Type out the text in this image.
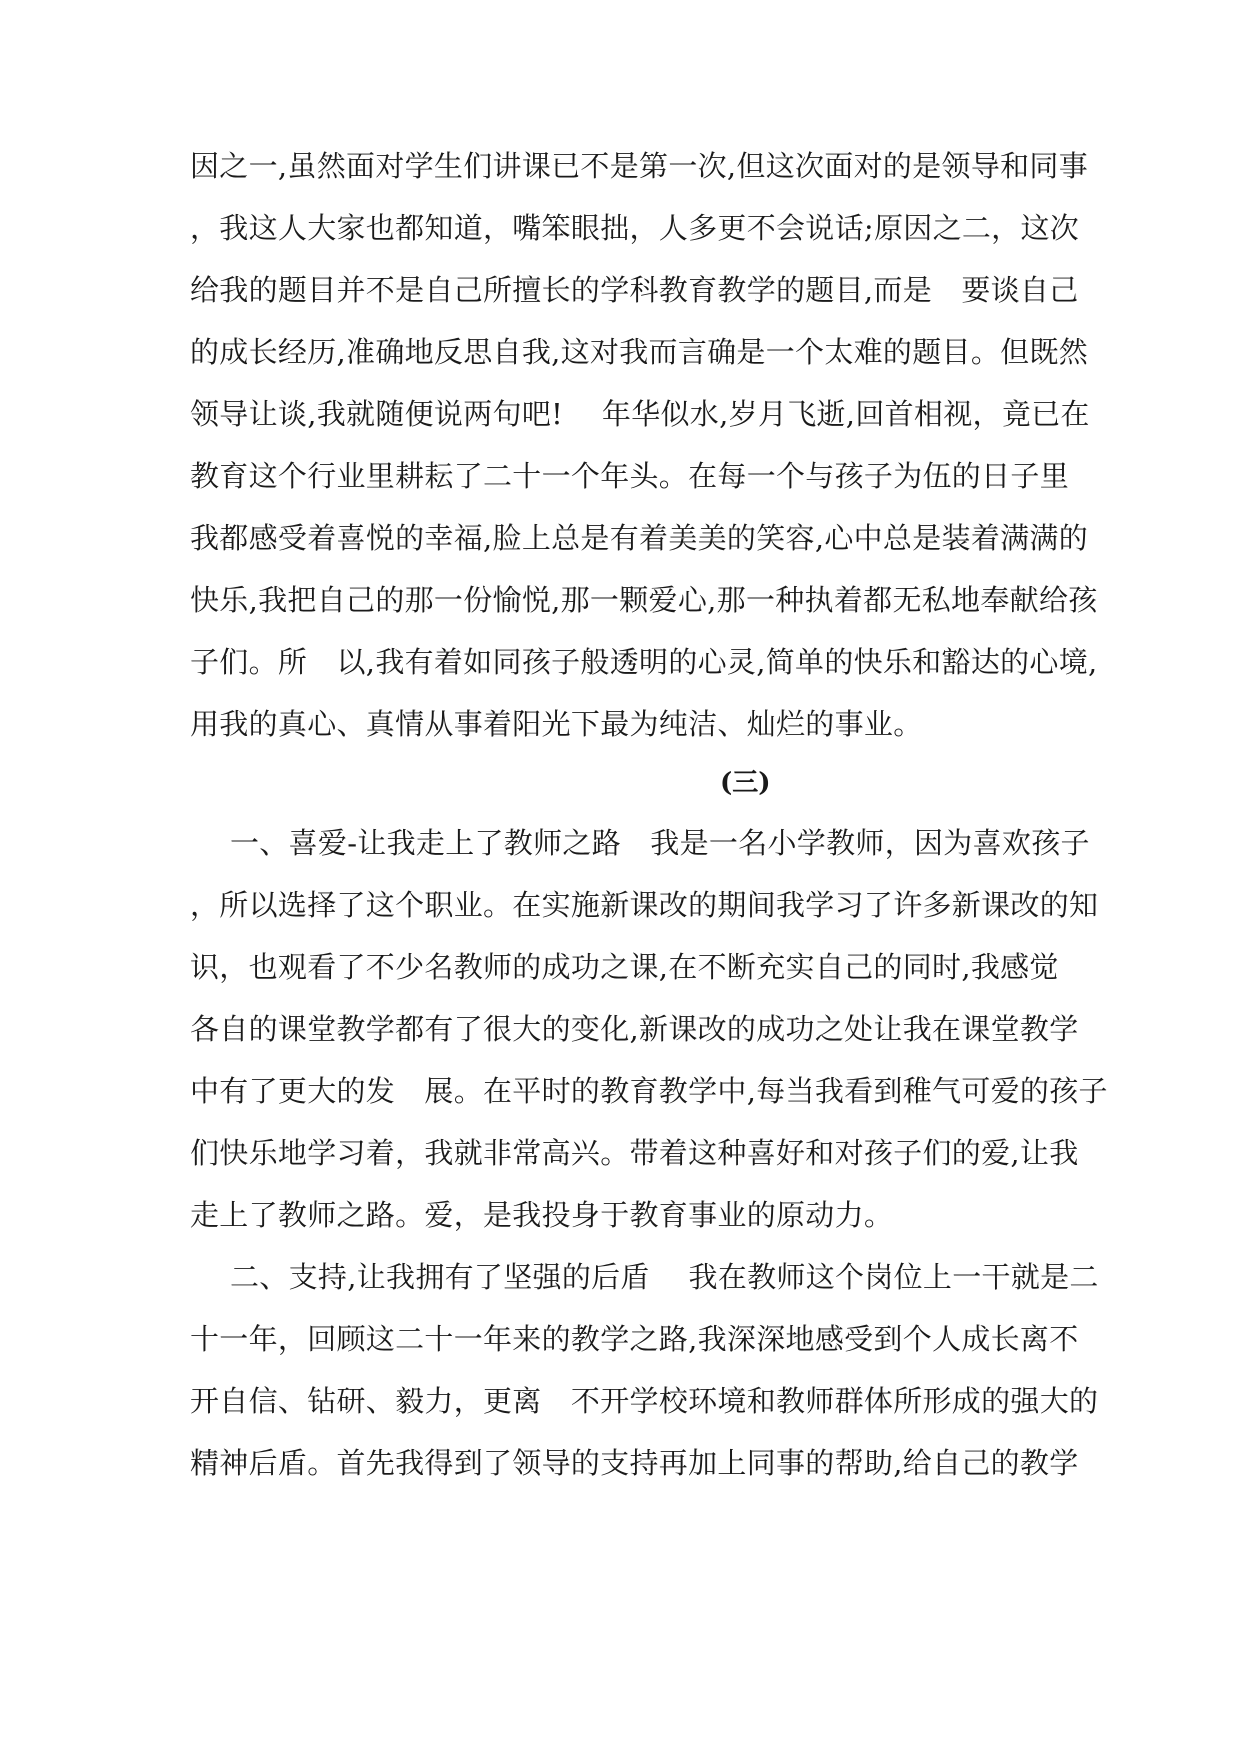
因之一,虽然面对学生们讲课已不是第一次,但这次面对的是领导和同事
，我这人大家也都知道，嘴笨眼拙，人多更不会说话;原因之二，这次
给我的题目并不是自己所擅长的学科教育教学的题目,而是　要谈自己
的成长经历,准确地反思自我,这对我而言确是一个太难的题目。但既然
领导让谈,我就随便说两句吧!　 年华似水,岁月飞逝,回首相视，竟已在
教育这个行业里耕耘了二十一个年头。在每一个与孩子为伍的日子里
我都感受着喜悦的幸福,脸上总是有着美美的笑容,心中总是装着满满的
快乐,我把自己的那一份愉悦,那一颗爱心,那一种执着都无私地奉献给孩
子们。所　以,我有着如同孩子般透明的心灵,简单的快乐和豁达的心境,
用我的真心、真情从事着阳光下最为纯洁、灿烂的事业。
(三)
一、喜爱-让我走上了教师之路　我是一名小学教师，因为喜欢孩子
，所以选择了这个职业。在实施新课改的期间我学习了许多新课改的知
识，也观看了不少名教师的成功之课,在不断充实自己的同时,我感觉
各自的课堂教学都有了很大的变化,新课改的成功之处让我在课堂教学
中有了更大的发　展。在平时的教育教学中,每当我看到稚气可爱的孩子
们快乐地学习着，我就非常高兴。带着这种喜好和对孩子们的爱,让我
走上了教师之路。爱，是我投身于教育事业的原动力。
二、支持,让我拥有了坚强的后盾　 我在教师这个岗位上一干就是二
十一年，回顾这二十一年来的教学之路,我深深地感受到个人成长离不
开自信、钻研、毅力，更离　不开学校环境和教师群体所形成的强大的
精神后盾。首先我得到了领导的支持再加上同事的帮助,给自己的教学
